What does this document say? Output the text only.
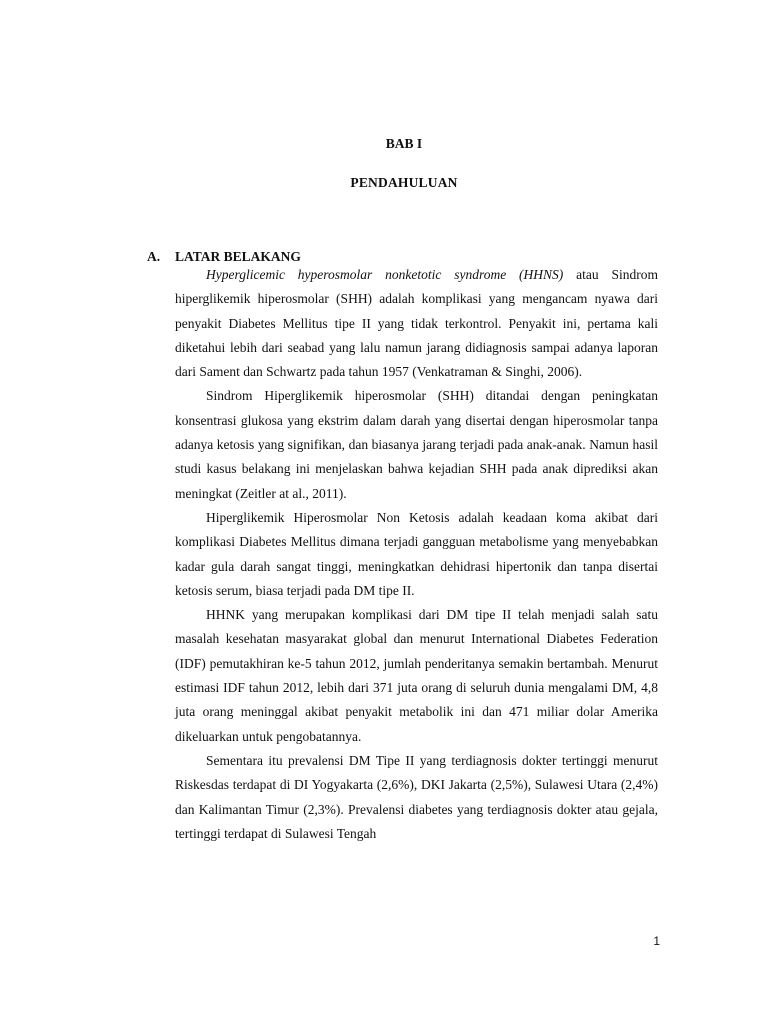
BAB I
PENDAHULUAN
A. LATAR BELAKANG

Hyperglicemic hyperosmolar nonketotic syndrome (HHNS) atau Sindrom hiperglikemik hiperosmolar (SHH) adalah komplikasi yang mengancam nyawa dari penyakit Diabetes Mellitus tipe II yang tidak terkontrol. Penyakit ini, pertama kali diketahui lebih dari seabad yang lalu namun jarang didiagnosis sampai adanya laporan dari Sament dan Schwartz pada tahun 1957 (Venkatraman & Singhi, 2006).

Sindrom Hiperglikemik hiperosmolar (SHH) ditandai dengan peningkatan konsentrasi glukosa yang ekstrim dalam darah yang disertai dengan hiperosmolar tanpa adanya ketosis yang signifikan, dan biasanya jarang terjadi pada anak-anak. Namun hasil studi kasus belakang ini menjelaskan bahwa kejadian SHH pada anak diprediksi akan meningkat (Zeitler at al., 2011).

Hiperglikemik Hiperosmolar Non Ketosis adalah keadaan koma akibat dari komplikasi Diabetes Mellitus dimana terjadi gangguan metabolisme yang menyebabkan kadar gula darah sangat tinggi, meningkatkan dehidrasi hipertonik dan tanpa disertai ketosis serum, biasa terjadi pada DM tipe II.

HHNK yang merupakan komplikasi dari DM tipe II telah menjadi salah satu masalah kesehatan masyarakat global dan menurut International Diabetes Federation (IDF) pemutakhiran ke-5 tahun 2012, jumlah penderitanya semakin bertambah. Menurut estimasi IDF tahun 2012, lebih dari 371 juta orang di seluruh dunia mengalami DM, 4,8 juta orang meninggal akibat penyakit metabolik ini dan 471 miliar dolar Amerika dikeluarkan untuk pengobatannya.

Sementara itu prevalensi DM Tipe II yang terdiagnosis dokter tertinggi menurut Riskesdas terdapat di DI Yogyakarta (2,6%), DKI Jakarta (2,5%), Sulawesi Utara (2,4%) dan Kalimantan Timur (2,3%). Prevalensi diabetes yang terdiagnosis dokter atau gejala, tertinggi terdapat di Sulawesi Tengah

1
